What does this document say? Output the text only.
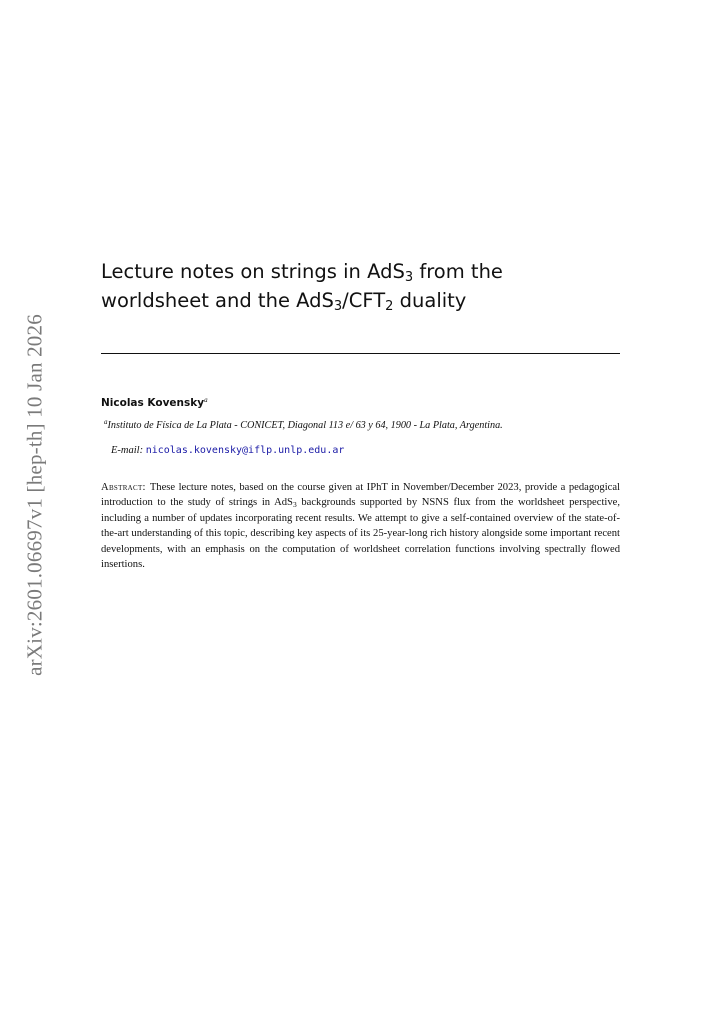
arXiv:2601.06697v1 [hep-th] 10 Jan 2026
Lecture notes on strings in AdS$_3$ from the
worldsheet and the $AdS_3/CFT_2$ duality
Nicolas Kovensky$^a$
$^a$Instituto de Física de La Plata - CONICET, Diagonal 113 e/ 63 y 64, 1900 - La Plata, Argentina.
E-mail: nicolas.kovensky@iflp.unlp.edu.ar

Abstract: These lecture notes, based on the course given at IPhT in November/December 2023, provide a pedagogical introduction to the study of strings in AdS$_3$ backgrounds supported by NSNS flux from the worldsheet perspective, including a number of updates incorporating recent results. We attempt to give a self-contained overview of the state-of-the-art understanding of this topic, describing key aspects of its 25-year-long rich history alongside some important recent developments, with an emphasis on the computation of worldsheet correlation functions involving spectrally flowed insertions.
